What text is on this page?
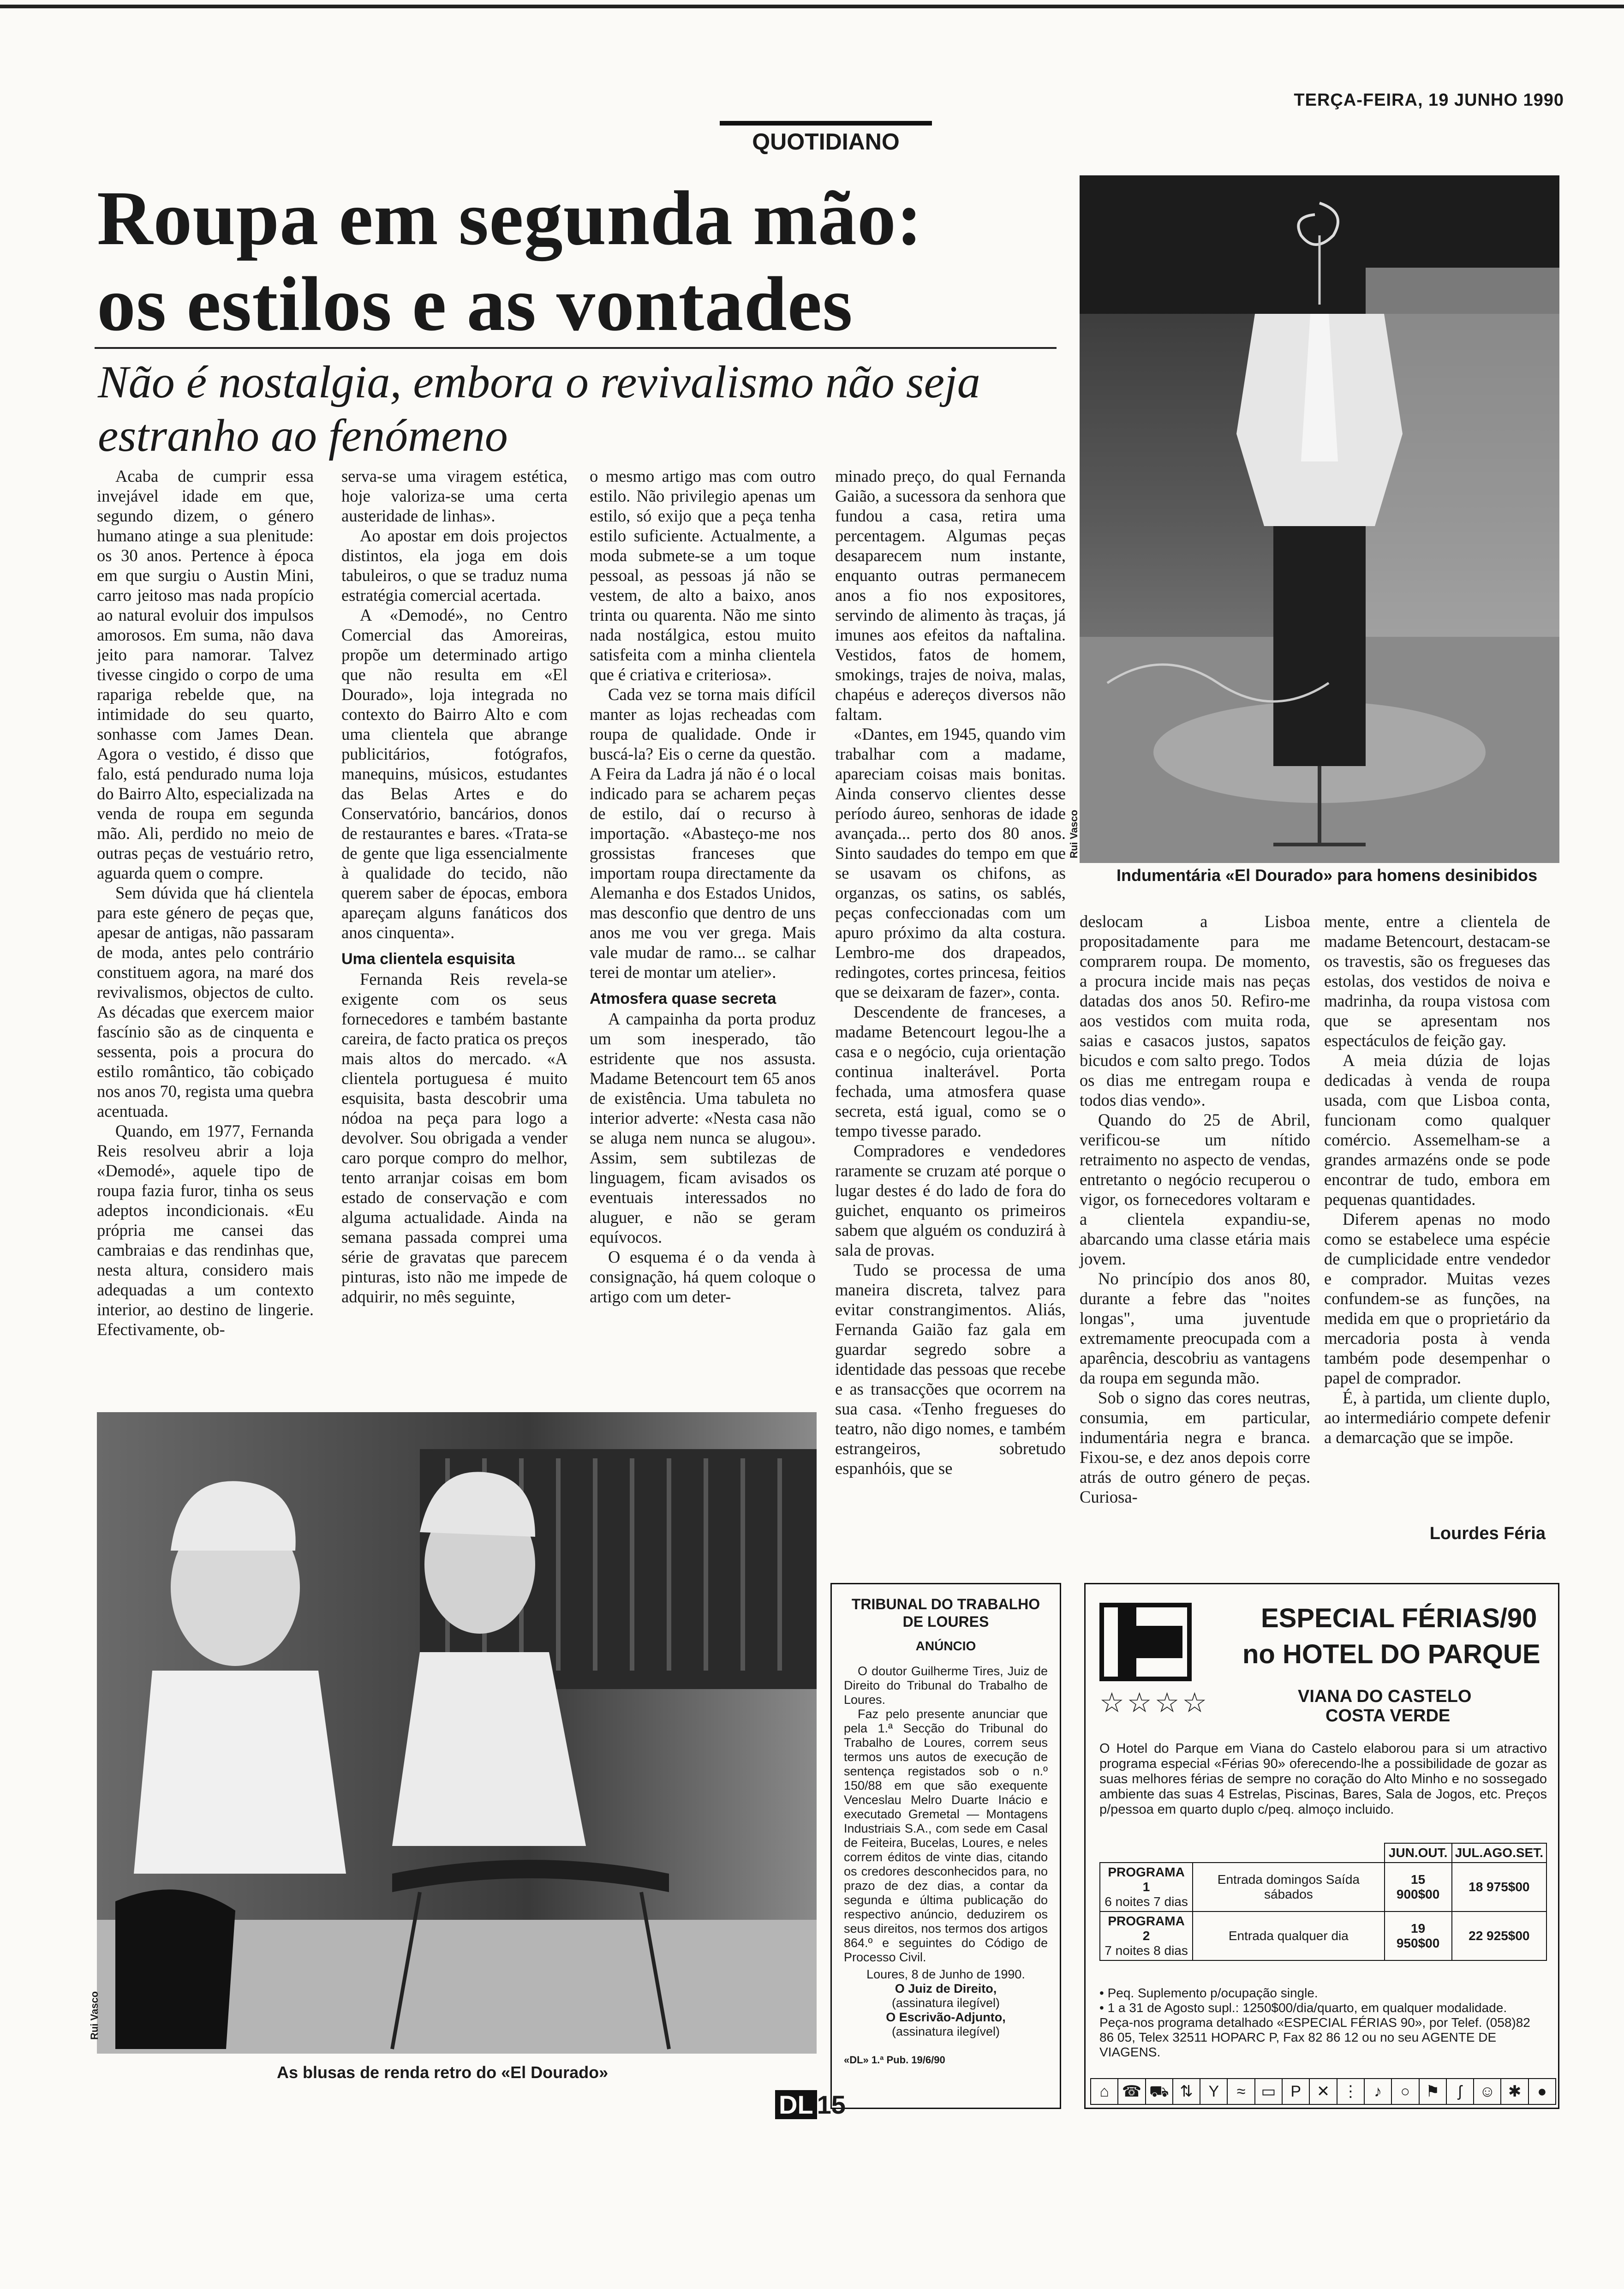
TERÇA-FEIRA, 19 JUNHO 1990
QUOTIDIANO
Roupa em segunda mão:
os estilos e as vontades
Não é nostalgia, embora o revivalismo não seja
estranho ao fenómeno
Rui Vasco
Indumentária «El Dourado» para homens desinibidos

Acaba de cumprir essa invejável idade em que, segundo dizem, o género humano atinge a sua plenitude: os 30 anos. Pertence à época em que surgiu o Austin Mini, carro jeitoso mas nada propício ao natural evoluir dos impulsos amorosos. Em suma, não dava jeito para namorar. Talvez tivesse cingido o corpo de uma rapariga rebelde que, na intimidade do seu quarto, sonhasse com James Dean. Agora o vestido, é disso que falo, está pendurado numa loja do Bairro Alto, especializada na venda de roupa em segunda mão. Ali, perdido no meio de outras peças de vestuário retro, aguarda quem o compre.

Sem dúvida que há clientela para este género de peças que, apesar de antigas, não passaram de moda, antes pelo contrário constituem agora, na maré dos revivalismos, objectos de culto. As décadas que exercem maior fascínio são as de cinquenta e sessenta, pois a procura do estilo romântico, tão cobiçado nos anos 70, regista uma quebra acentuada.

Quando, em 1977, Fernanda Reis resolveu abrir a loja «Demodé», aquele tipo de roupa fazia furor, tinha os seus adeptos incondicionais. «Eu própria me cansei das cambraias e das rendinhas que, nesta altura, considero mais adequadas a um contexto interior, ao destino de lingerie. Efectivamente, ob-

serva-se uma viragem estética, hoje valoriza-se uma certa austeridade de linhas».

Ao apostar em dois projectos distintos, ela joga em dois tabuleiros, o que se traduz numa estratégia comercial acertada.

A «Demodé», no Centro Comercial das Amoreiras, propõe um determinado artigo que não resulta em «El Dourado», loja integrada no contexto do Bairro Alto e com uma clientela que abrange publicitários, fotógrafos, manequins, músicos, estudantes das Belas Artes e do Conservatório, bancários, donos de restaurantes e bares. «Trata-se de gente que liga essencialmente à qualidade do tecido, não querem saber de épocas, embora apareçam alguns fanáticos dos anos cinquenta».

Uma clientela esquisita

Fernanda Reis revela-se exigente com os seus fornecedores e também bastante careira, de facto pratica os preços mais altos do mercado. «A clientela portuguesa é muito esquisita, basta descobrir uma nódoa na peça para logo a devolver. Sou obrigada a vender caro porque compro do melhor, tento arranjar coisas em bom estado de conservação e com alguma actualidade. Ainda na semana passada comprei uma série de gravatas que parecem pinturas, isto não me impede de adquirir, no mês seguinte,

o mesmo artigo mas com outro estilo. Não privilegio apenas um estilo, só exijo que a peça tenha estilo suficiente. Actualmente, a moda submete-se a um toque pessoal, as pessoas já não se vestem, de alto a baixo, anos trinta ou quarenta. Não me sinto nada nostálgica, estou muito satisfeita com a minha clientela que é criativa e criteriosa».

Cada vez se torna mais difícil manter as lojas recheadas com roupa de qualidade. Onde ir buscá-la? Eis o cerne da questão. A Feira da Ladra já não é o local indicado para se acharem peças de estilo, daí o recurso à importação. «Abasteço-me nos grossistas franceses que importam roupa directamente da Alemanha e dos Estados Unidos, mas desconfio que dentro de uns anos me vou ver grega. Mais vale mudar de ramo... se calhar terei de montar um atelier».

Atmosfera quase secreta

A campainha da porta produz um som inesperado, tão estridente que nos assusta. Madame Betencourt tem 65 anos de existência. Uma tabuleta no interior adverte: «Nesta casa não se aluga nem nunca se alugou». Assim, sem subtilezas de linguagem, ficam avisados os eventuais interessados no aluguer, e não se geram equívocos.

O esquema é o da venda à consignação, há quem coloque o artigo com um deter-

minado preço, do qual Fernanda Gaião, a sucessora da senhora que fundou a casa, retira uma percentagem. Algumas peças desaparecem num instante, enquanto outras permanecem anos a fio nos expositores, servindo de alimento às traças, já imunes aos efeitos da naftalina. Vestidos, fatos de homem, smokings, trajes de noiva, malas, chapéus e adereços diversos não faltam.

«Dantes, em 1945, quando vim trabalhar com a madame, apareciam coisas mais bonitas. Ainda conservo clientes desse período áureo, senhoras de idade avançada... perto dos 80 anos. Sinto saudades do tempo em que se usavam os chifons, as organzas, os satins, os sablés, peças confeccionadas com um apuro próximo da alta costura. Lembro-me dos drapeados, redingotes, cortes princesa, feitios que se deixaram de fazer», conta.

Descendente de franceses, a madame Betencourt legou-lhe a casa e o negócio, cuja orientação continua inalterável. Porta fechada, uma atmosfera quase secreta, está igual, como se o tempo tivesse parado.

Compradores e vendedores raramente se cruzam até porque o lugar destes é do lado de fora do guichet, enquanto os primeiros sabem que alguém os conduzirá à sala de provas.

Tudo se processa de uma maneira discreta, talvez para evitar constrangimentos. Aliás, Fernanda Gaião faz gala em guardar segredo sobre a identidade das pessoas que recebe e as transacções que ocorrem na sua casa. «Tenho fregueses do teatro, não digo nomes, e também estrangeiros, sobretudo espanhóis, que se

deslocam a Lisboa propositadamente para me comprarem roupa. De momento, a procura incide mais nas peças datadas dos anos 50. Refiro-me aos vestidos com muita roda, saias e casacos justos, sapatos bicudos e com salto prego. Todos os dias me entregam roupa e todos dias vendo».

Quando do 25 de Abril, verificou-se um nítido retraimento no aspecto de vendas, entretanto o negócio recuperou o vigor, os fornecedores voltaram e a clientela expandiu-se, abarcando uma classe etária mais jovem.

No princípio dos anos 80, durante a febre das "noites longas", uma juventude extremamente preocupada com a aparência, descobriu as vantagens da roupa em segunda mão.

Sob o signo das cores neutras, consumia, em particular, indumentária negra e branca. Fixou-se, e dez anos depois corre atrás de outro género de peças. Curiosa-

mente, entre a clientela de madame Betencourt, destacam-se os travestis, são os fregueses das estolas, dos vestidos de noiva e madrinha, da roupa vistosa com que se apresentam nos espectáculos de feição gay.

A meia dúzia de lojas dedicadas à venda de roupa usada, com que Lisboa conta, funcionam como qualquer comércio. Assemelham-se a grandes armazéns onde se pode encontrar de tudo, embora em pequenas quantidades.

Diferem apenas no modo como se estabelece uma espécie de cumplicidade entre vendedor e comprador. Muitas vezes confundem-se as funções, na medida em que o proprietário da mercadoria posta à venda também pode desempenhar o papel de comprador.

É, à partida, um cliente duplo, ao intermediário compete defenir a demarcação que se impõe.

Lourdes Féria
Rui Vasco
As blusas de renda retro do «El Dourado»
TRIBUNAL DO TRABALHO DE LOURES
ANÚNCIO

O doutor Guilherme Tires, Juiz de Direito do Tribunal do Trabalho de Loures.

Faz pelo presente anunciar que pela 1.ª Secção do Tribunal do Trabalho de Loures, correm seus termos uns autos de execução de sentença registados sob o n.º 150/88 em que são exequente Venceslau Melro Duarte Inácio e executado Gremetal — Montagens Industriais S.A., com sede em Casal de Feiteira, Bucelas, Loures, e neles correm éditos de vinte dias, citando os credores desconhecidos para, no prazo de dez dias, a contar da segunda e última publicação do respectivo anúncio, deduzirem os seus direitos, nos termos dos artigos 864.º e seguintes do Código de Processo Civil.

Loures, 8 de Junho de 1990.
O Juiz de Direito,
(assinatura ilegível)
O Escrivão-Adjunto,
(assinatura ilegível)
«DL» 1.ª Pub. 19/6/90
☆☆☆☆
ESPECIAL FÉRIAS/90
no HOTEL DO PARQUE
VIANA DO CASTELO
COSTA VERDE
O Hotel do Parque em Viana do Castelo elaborou para si um atractivo programa especial «Férias 90» oferecendo-lhe a possibilidade de gozar as suas melhores férias de sempre no coração do Alto Minho e no sossegado ambiente das suas 4 Estrelas, Piscinas, Bares, Sala de Jogos, etc. Preços p/pessoa em quarto duplo c/peq. almoço incluido.
		JUN.OUT.	JUL.AGO.SET.

PROGRAMA 1
6 noites 7 dias	Entrada domingos Saída sábados	15 900$00	18 975$00

PROGRAMA 2
7 noites 8 dias	Entrada qualquer dia	19 950$00	22 925$00
• Peq. Suplemento p/ocupação single.
• 1 a 31 de Agosto supl.: 1250$00/dia/quarto, em qualquer modalidade.
Peça-nos programa detalhado «ESPECIAL FÉRIAS 90», por Telef. (058)82 86 05, Telex 32511 HOPARC P, Fax 82 86 12 ou no seu AGENTE DE VIAGENS.
⌂ ☎ ⛟ ⇅ Y	≈ ▭ P ✕ ⋮ ♪	○ ⚑	ʃ	☺ ✱	●
DL 15
